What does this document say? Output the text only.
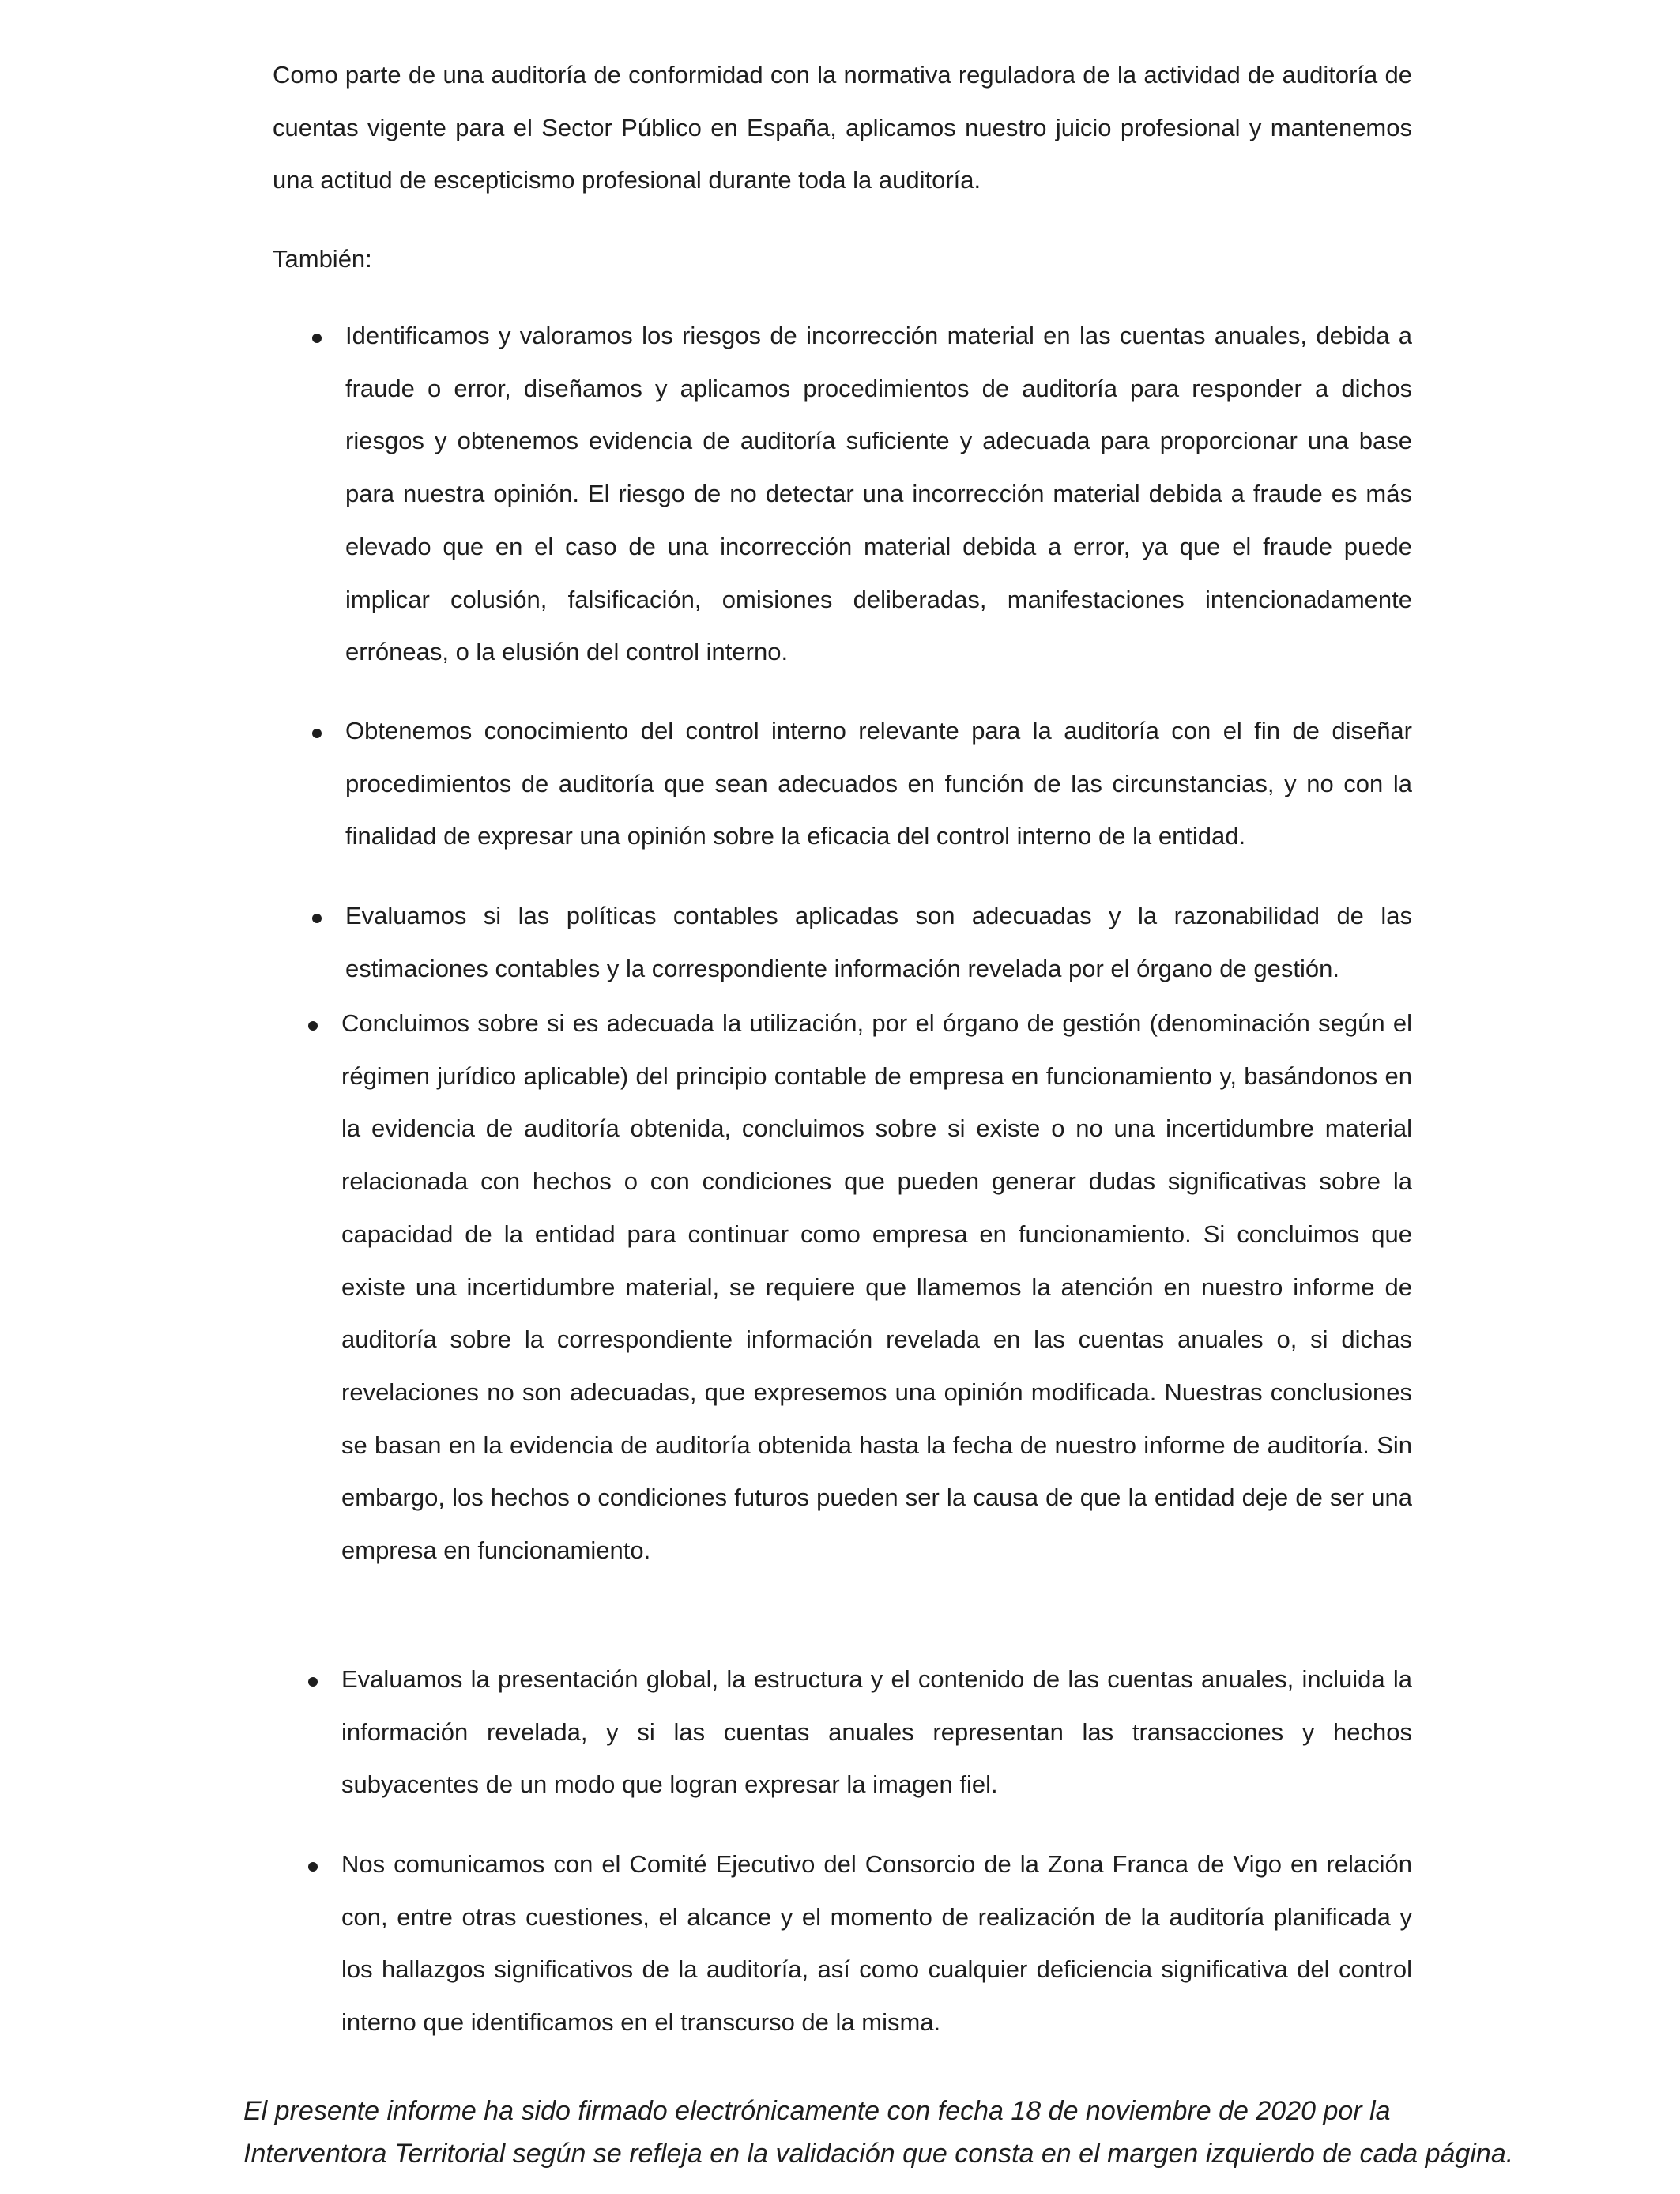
Como parte de una auditoría de conformidad con la normativa reguladora de la actividad de auditoría de cuentas vigente para el Sector Público en España, aplicamos nuestro juicio profesional y mantenemos una actitud de escepticismo profesional durante toda la auditoría.

También:

Identificamos y valoramos los riesgos de incorrección material en las cuentas anuales, debida a fraude o error, diseñamos y aplicamos procedimientos de auditoría para responder a dichos riesgos y obtenemos evidencia de auditoría suficiente y adecuada para proporcionar una base para nuestra opinión. El riesgo de no detectar una incorrección material debida a fraude es más elevado que en el caso de una incorrección material debida a error, ya que el fraude puede implicar colusión, falsificación, omisiones deliberadas, manifestaciones intencionadamente erróneas, o la elusión del control interno.
Obtenemos conocimiento del control interno relevante para la auditoría con el fin de diseñar procedimientos de auditoría que sean adecuados en función de las circunstancias, y no con la finalidad de expresar una opinión sobre la eficacia del control interno de la entidad.
Evaluamos si las políticas contables aplicadas son adecuadas y la razonabilidad de las estimaciones contables y la correspondiente información revelada por el órgano de gestión.
Concluimos sobre si es adecuada la utilización, por el órgano de gestión (denominación según el régimen jurídico aplicable) del principio contable de empresa en funcionamiento y, basándonos en la evidencia de auditoría obtenida, concluimos sobre si existe o no una incertidumbre material relacionada con hechos o con condiciones que pueden generar dudas significativas sobre la capacidad de la entidad para continuar como empresa en funcionamiento. Si concluimos que existe una incertidumbre material, se requiere que llamemos la atención en nuestro informe de auditoría sobre la correspondiente información revelada en las cuentas anuales o, si dichas revelaciones no son adecuadas, que expresemos una opinión modificada. Nuestras conclusiones se basan en la evidencia de auditoría obtenida hasta la fecha de nuestro informe de auditoría. Sin embargo, los hechos o condiciones futuros pueden ser la causa de que la entidad deje de ser una empresa en funcionamiento.
Evaluamos la presentación global, la estructura y el contenido de las cuentas anuales, incluida la información revelada, y si las cuentas anuales representan las transacciones y hechos subyacentes de un modo que logran expresar la imagen fiel.
Nos comunicamos con el Comité Ejecutivo del Consorcio de la Zona Franca de Vigo en relación con, entre otras cuestiones, el alcance y el momento de realización de la auditoría planificada y los hallazgos significativos de la auditoría, así como cualquier deficiencia significativa del control interno que identificamos en el transcurso de la misma.
El presente informe ha sido firmado electrónicamente con fecha 18 de noviembre de 2020 por la
Interventora Territorial según se refleja en la validación que consta en el margen izquierdo de cada página.
